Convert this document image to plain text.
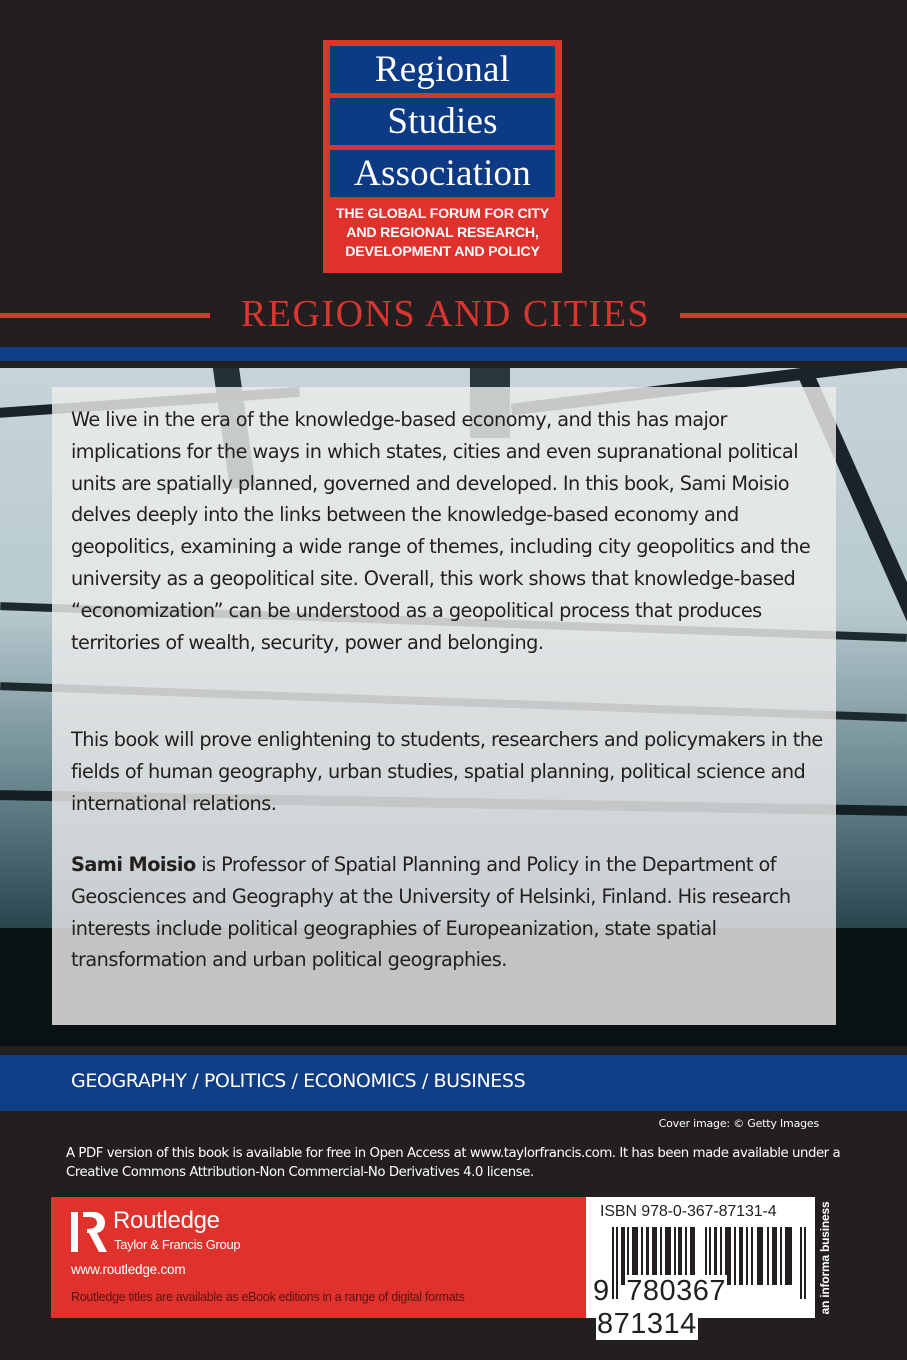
Regional
Studies
Association
THE GLOBAL FORUM FOR CITY
AND REGIONAL RESEARCH,
DEVELOPMENT AND POLICY
REGIONS AND CITIES
We live in the era of the knowledge-based economy, and this has major implications for the ways in which states, cities and even supranational political units are spatially planned, governed and developed. In this book, Sami Moisio delves deeply into the links between the knowledge-based economy and geopolitics, examining a wide range of themes, including city geopolitics and the university as a geopolitical site. Overall, this work shows that knowledge-based “economization” can be understood as a geopolitical process that produces territories of wealth, security, power and belonging.
This book will prove enlightening to students, researchers and policymakers in the fields of human geography, urban studies, spatial planning, political science and international relations.
Sami Moisio is Professor of Spatial Planning and Policy in the Department of Geosciences and Geography at the University of Helsinki, Finland. His research interests include political geographies of Europeanization, state spatial transformation and urban political geographies.
GEOGRAPHY / POLITICS / ECONOMICS / BUSINESS
Cover image: © Getty Images
A PDF version of this book is available for free in Open Access at www.taylorfrancis.com. It has been made available under a Creative Commons Attribution-Non Commercial-No Derivatives 4.0 license.
Routledge
Taylor & Francis Group
www.routledge.com
Routledge titles are available as eBook editions in a range of digital formats
ISBN 978-0-367-87131-4
9 780367 871314
an informa business
